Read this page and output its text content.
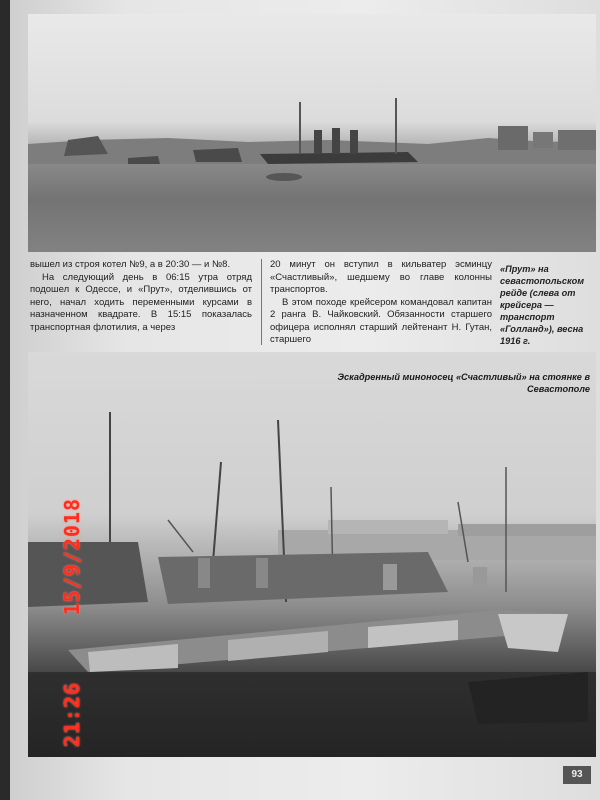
вышел из строя котел №9, а в 20:30 — и №8.

На следующий день в 06:15 утра отряд подошел к Одессе, и «Прут», отделившись от него, начал ходить переменными курсами в назначенном квадрате. В 15:15 показалась транспортная флотилия, а через

20 минут он вступил в кильватер эсминцу «Счастливый», шедшему во главе колонны транспортов.

В этом походе крейсером командовал капитан 2 ранга В. Чайковский. Обязанности старшего офицера исполнял старший лейтенант Н. Гутан, старшего

«Прут» на севастопольском рейде (слева от крейсера — транспорт «Голланд»), весна 1916 г.
Эскадренный миноносец «Счастливый» на стоянке в Севастополе
15/9/2018
21:26
93
